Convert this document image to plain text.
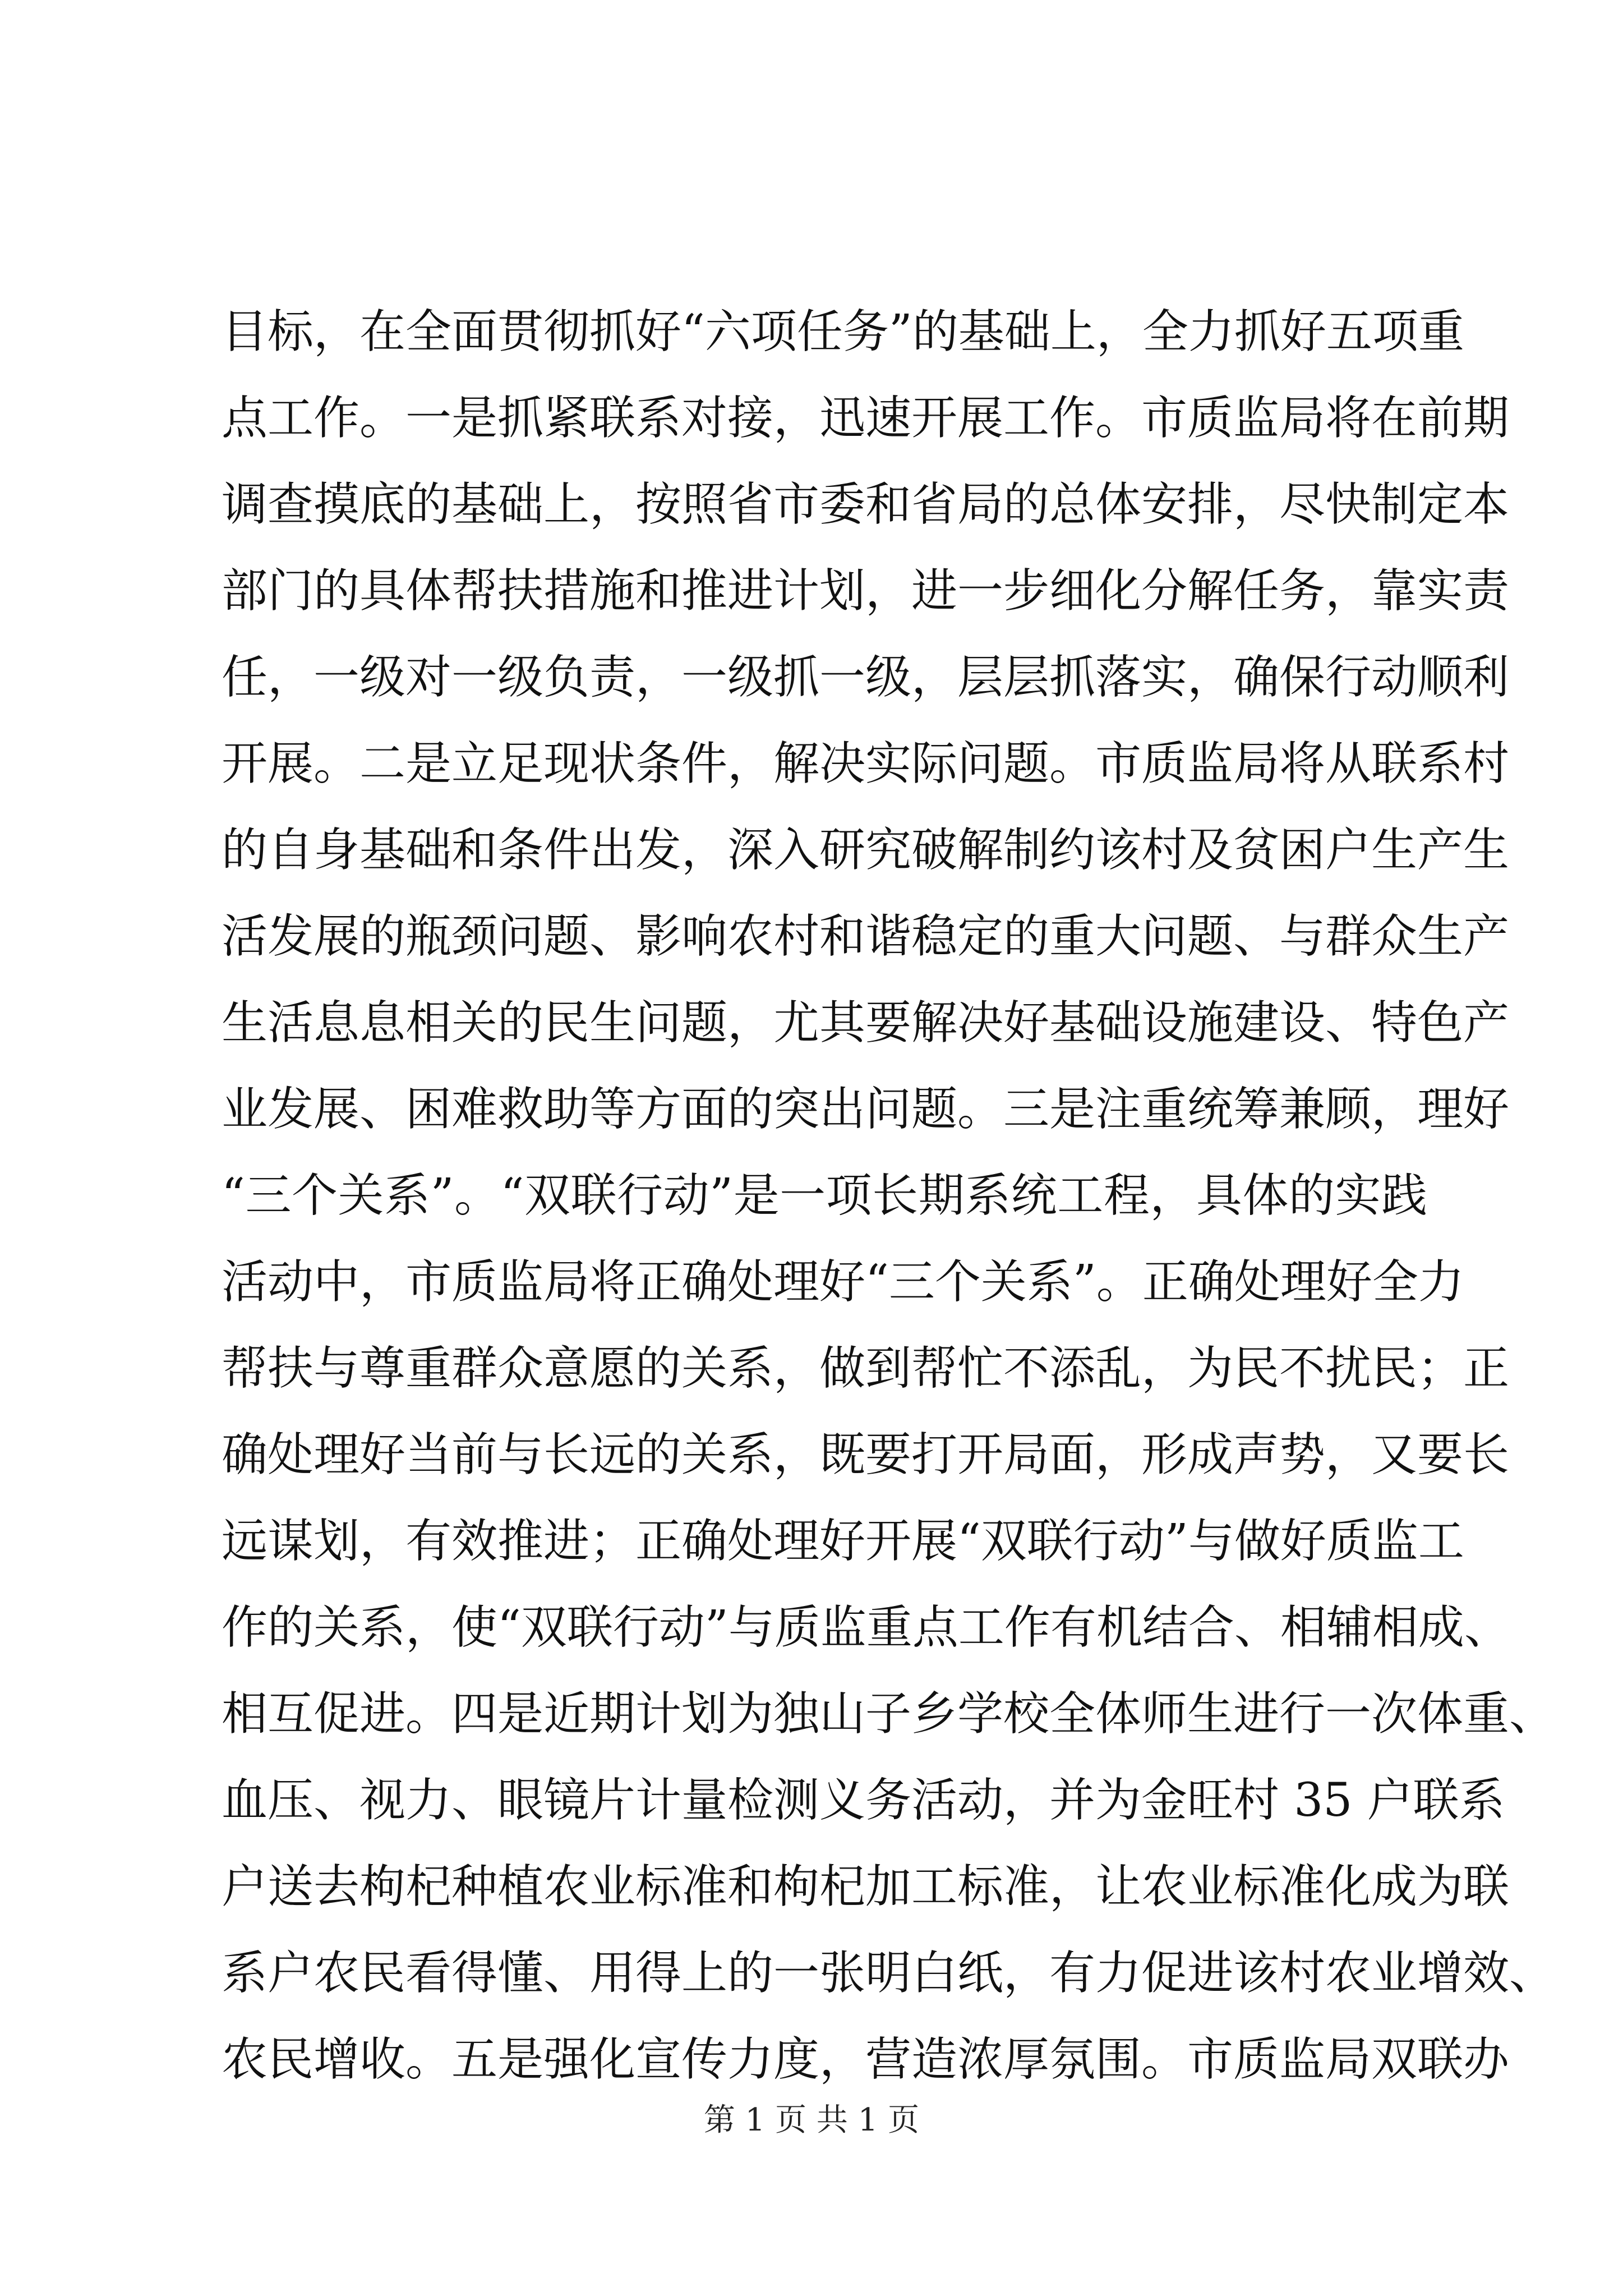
目标，在全面贯彻抓好“六项任务”的基础上，全力抓好五项重
点工作。一是抓紧联系对接，迅速开展工作。市质监局将在前期
调查摸底的基础上，按照省市委和省局的总体安排，尽快制定本
部门的具体帮扶措施和推进计划，进一步细化分解任务，靠实责
任，一级对一级负责，一级抓一级，层层抓落实，确保行动顺利
开展。二是立足现状条件，解决实际问题。市质监局将从联系村
的自身基础和条件出发，深入研究破解制约该村及贫困户生产生
活发展的瓶颈问题、影响农村和谐稳定的重大问题、与群众生产
生活息息相关的民生问题，尤其要解决好基础设施建设、特色产
业发展、困难救助等方面的突出问题。三是注重统筹兼顾，理好
“三个关系”。“双联行动”是一项长期系统工程，具体的实践
活动中，市质监局将正确处理好“三个关系”。正确处理好全力
帮扶与尊重群众意愿的关系，做到帮忙不添乱，为民不扰民；正
确处理好当前与长远的关系，既要打开局面，形成声势，又要长
远谋划，有效推进；正确处理好开展“双联行动”与做好质监工
作的关系，使“双联行动”与质监重点工作有机结合、相辅相成、
相互促进。四是近期计划为独山子乡学校全体师生进行一次体重、
血压、视力、眼镜片计量检测义务活动，并为金旺村 35 户联系
户送去枸杞种植农业标准和枸杞加工标准，让农业标准化成为联
系户农民看得懂、用得上的一张明白纸，有力促进该村农业增效、
农民增收。五是强化宣传力度，营造浓厚氛围。市质监局双联办
第 1 页 共 1 页
